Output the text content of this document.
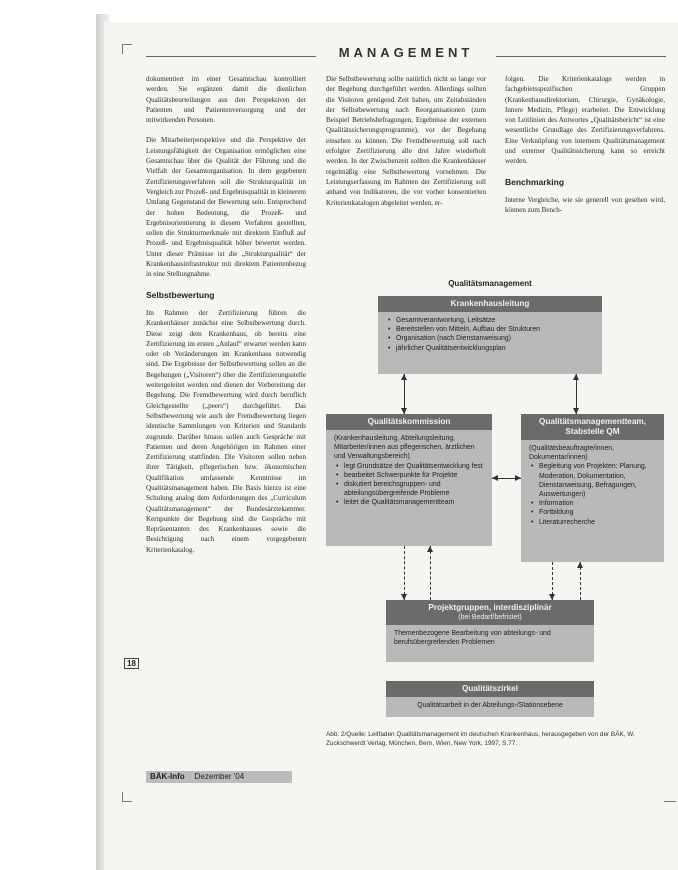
MANAGEMENT

dokumentiert im einer Gesamtschau kontrolliert werden. Sie ergänzen damit die dienlichen Qualitätsbeurteilungen aus den Perspektiven der Patienten und Patientenversorgung und der mitwirkenden Personen.

Die Mitarbeiterperspektive und die Perspektive der Leistungsfähigkeit der Organisation ermöglichen eine Gesamtschau über die Qualität der Führung und die Vielfalt der Gesamtorganisation. In dem gegebenen Zertifizierungsverfahren soll die Strukturqualität im Vergleich zur Prozeß- und Ergebnisqualität in kleinerem Umfang Gegenstand der Bewertung sein. Entsprechend der hohen Bedeutung, die Prozeß- und Ergebnisorientierung in diesem Verfahren gestellten, sollen die Strukturmerkmale mit direktem Einfluß auf Prozeß- und Ergebnisqualität höher bewertet werden. Unter dieser Prämisse ist die „Strukturqualität“ der Krankenhausinfrastruktur mit direktem Patientenbezug in eine Stellungnahme.

Selbstbewertung

Im Rahmen der Zertifizierung führen die Krankenhäuser zunächst eine Selbstbewertung durch. Diese zeigt dem Krankenhaus, ob bereits eine Zertifizierung im ersten „Anlauf“ erwartet werden kann oder ob Veränderungen im Krankenhaus notwendig sind. Die Ergebnisse der Selbstbewertung sollen an die Begehungen („Visitoren“) über die Zertifizierungsstelle weitergeleitet werden und dienen der Vorbereitung der Begehung. Die Fremdbewertung wird durch beruflich Gleichgestellte („peers“) durchgeführt. Das Selbstbewertung wie auch der Fremdbewertung liegen identische Sammlungen von Kriterien und Standards zugrunde. Darüber hinaus sollen auch Gespräche mit Patienten und deren Angehörigen im Rahmen einer Zertifizierung stattfinden. Die Visitoren sollen neben ihrer Tätigkeit, pflegerischen bzw. ökonomischen Qualifikation umfassende Kenntnisse im Qualitätsmanagement haben. Die Basis hierzu ist eine Schulung analog dem Anforderungen des „Curriculum Qualitätsmanagement“ der Bundesärztekammer. Kernpunkte der Begehung sind die Gespräche mit Repräsentanten des Krankenhauses sowie die Besichtigung nach einem vorgegebenen Kriterienkatalog.

Die Selbstbewertung sollte natürlich nicht so lange vor der Begehung durchgeführt werden. Allerdings sollten die Visitoren genügend Zeit haben, um Zeitabständen der Selbstbewertung nach Reorganisationen (zum Beispiel Betriebsbefragungen, Ergebnisse der externen Qualitätssicherungsprogramme), vor der Begehung einsehen zu können. Die Fremdbewertung soll nach erfolgter Zertifizierung alle drei Jahre wiederholt werden. In der Zwischenzeit sollten die Krankenhäuser regelmäßig eine Selbstbewertung vornehmen. Die Leistungserfassung im Rahmen der Zertifizierung soll anhand von Indikatoren, die vor vorher konsentierten Kriterienkatalogen abgeleitet werden, er-

folgen. Die Kriterienkataloge werden in fachgebietsspezifischen Gruppen (Krankenhausdirektorium, Chirurgie, Gynäkologie, Innere Medizin, Pflege) erarbeitet. Die Entwicklung von Leitlinien des Antwortes „Qualitätsbericht“ ist eine wesentliche Grundlage des Zertifizierungsverfahrens. Eine Verknüpfung von internem Qualitätsmanagement und externer Qualitätssicherung kann so erreicht werden.

Benchmarking

Interne Vergleiche, wie sie generell von gesehen wird, können zum Bench-

Qualitätsmanagement
Krankenhausleitung
• Gesamtverantwortung, Leitsätze
• Bereitstellen von Mitteln, Aufbau der Strukturen
• Organisation (nach Dienstanweisung)
• jährlicher Qualitätsentwicklungsplan
Qualitätskommission
(Krankenhausleitung, Abteilungsleitung, Mitarbeiter/innen aus pflegerischen, ärztlichen und Verwaltungsbereich)
• legt Grundsätze der Qualitätsentwicklung fest
• bearbeitet Schwerpunkte für Projekte
• diskutiert bereichsgruppen- und abteilungsübergreifende Probleme
• leitet die Qualitätsmanagementteam
Qualitätsmanagementteam, Stabstelle QM
(Qualitätsbeauftragte/innen, Dokumentar/innen)
• Begleitung von Projekten: Planung, Moderation, Dokumentation, Dienstanweisung, Befragungen, Auswertungen)
• Information
• Fortbildung
• Literaturrecherche
Projektgruppen, interdisziplinär
(bei Bedarf/befristet)
Themenbezogene Bearbeitung von abteilungs- und berufsübergreifenden Problemen
Qualitätszirkel
Qualitätsarbeit in der Abteilungs-/Stationsebene
Abb. 2/Quelle: Leitfaden Qualitätsmanagement im deutschen Krankenhaus, herausgegeben von der BÄK, W. Zuckschwerdt Verlag, München, Bern, Wien, New York, 1997, S.77.
18
BÄK-Info Dezember '04
